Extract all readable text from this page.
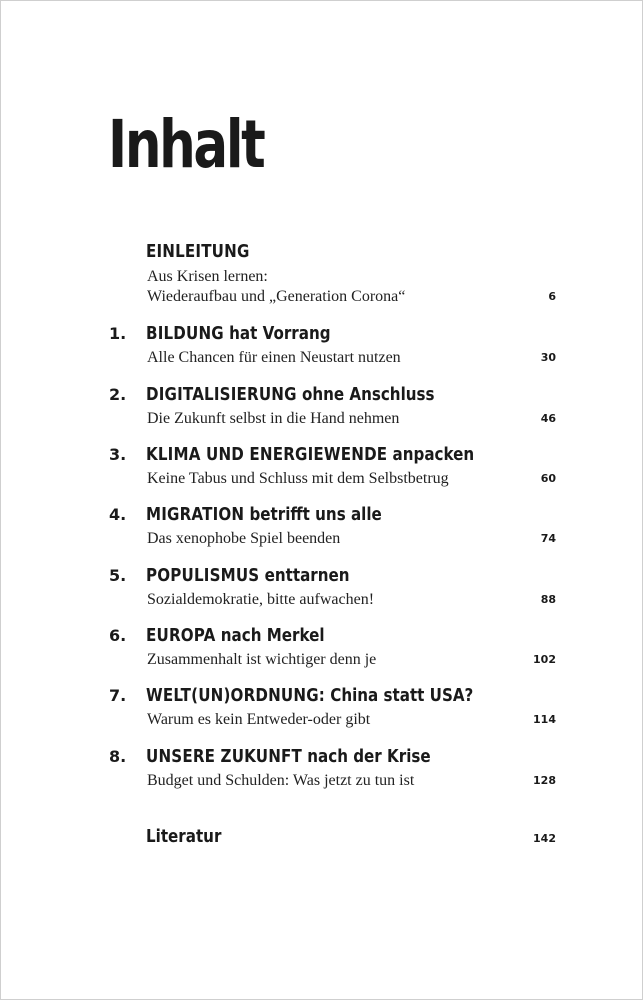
Inhalt
EINLEITUNG
Aus Krisen lernen:
Wiederaufbau und „Generation Corona“	6
1. BILDUNG hat Vorrang
Alle Chancen für einen Neustart nutzen	30
2. DIGITALISIERUNG ohne Anschluss
Die Zukunft selbst in die Hand nehmen	46
3. KLIMA UND ENERGIEWENDE anpacken
Keine Tabus und Schluss mit dem Selbstbetrug	60
4. MIGRATION betrifft uns alle
Das xenophobe Spiel beenden	74
5. POPULISMUS enttarnen
Sozialdemokratie, bitte aufwachen!	88
6. EUROPA nach Merkel
Zusammenhalt ist wichtiger denn je	102
7. WELT(UN)ORDNUNG: China statt USA?
Warum es kein Entweder-oder gibt	114
8. UNSERE ZUKUNFT nach der Krise
Budget und Schulden: Was jetzt zu tun ist	128
Literatur	142
